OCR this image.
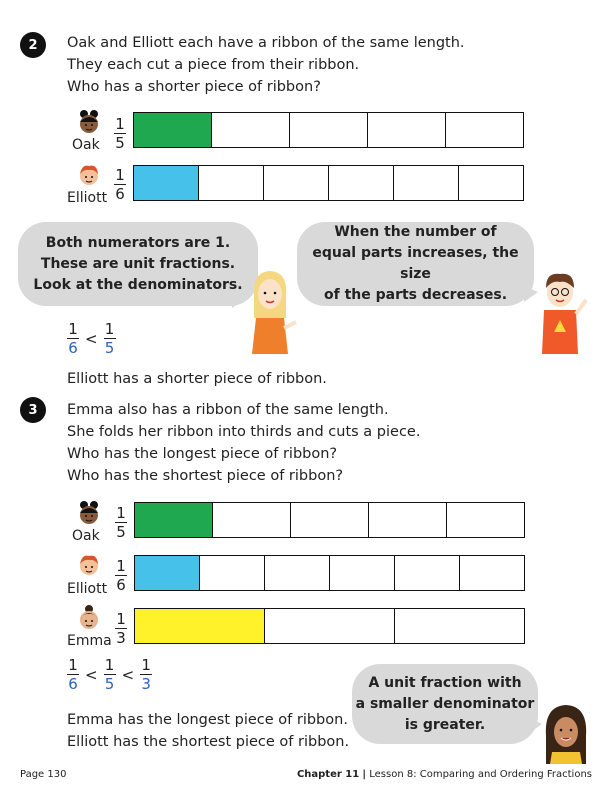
2 Oak and Elliott each have a ribbon of the same length.
They each cut a piece from their ribbon.
Who has a shorter piece of ribbon?
Oak $\frac{1}{5}$
Elliott $\frac{1}{6}$
Both numerators are 1.
These are unit fractions.
Look at the denominators.
When the number of
equal parts increases, the size
of the parts decreases.
$\frac{1}{6} < \frac{1}{5}$
Elliott has a shorter piece of ribbon.
3 Emma also has a ribbon of the same length.
She folds her ribbon into thirds and cuts a piece.
Who has the longest piece of ribbon?
Who has the shortest piece of ribbon?
Oak $\frac{1}{5}$
Elliott $\frac{1}{6}$
Emma $\frac{1}{3}$
$\frac{1}{6} < \frac{1}{5} < \frac{1}{3}$	A unit fraction with
a smaller denominator
is greater.
Emma has the longest piece of ribbon.
Elliott has the shortest piece of ribbon.
Page 130	Chapter 11 | Lesson 8: Comparing and Ordering Fractions
